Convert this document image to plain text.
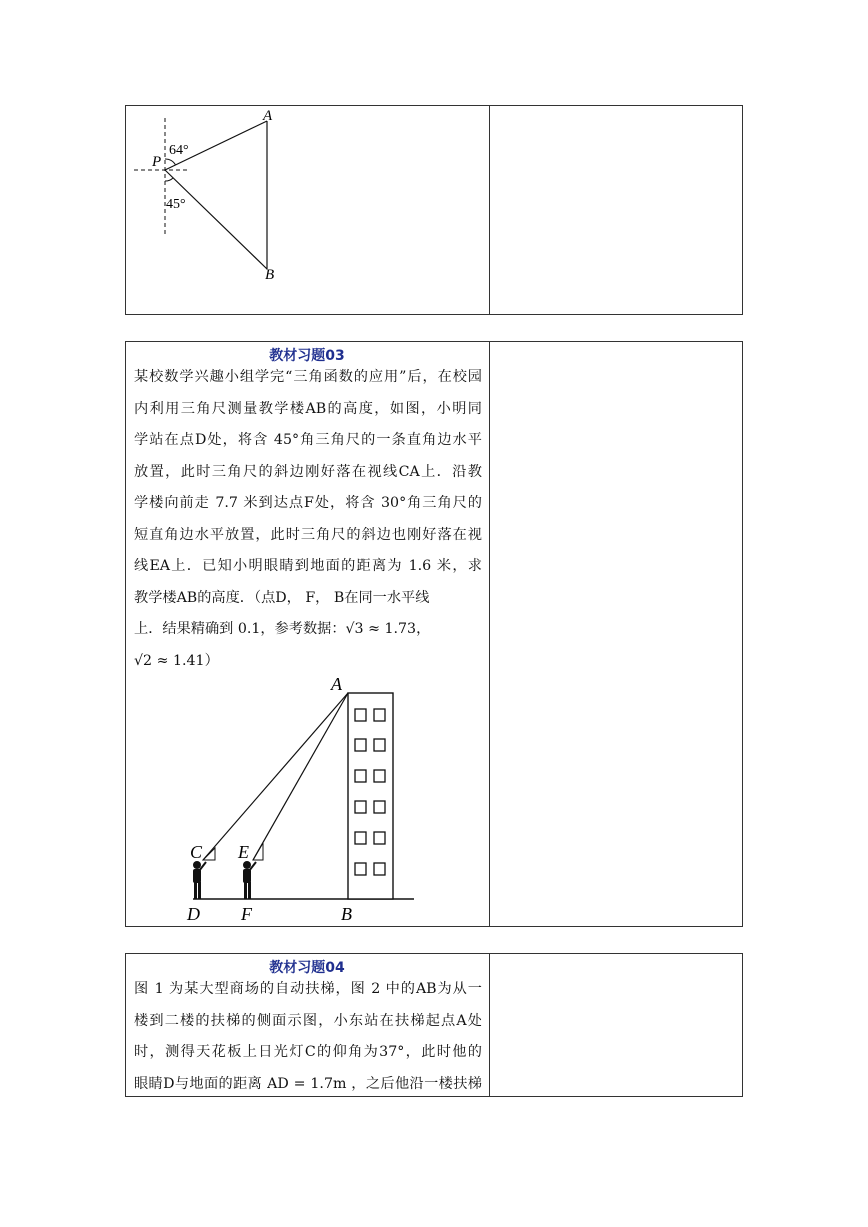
A
B
P
64°
45°
教材习题03
某校数学兴趣小组学完“三角函数的应用”后，在校园
内利用三角尺测量教学楼AB的高度，如图，小明同
学站在点D处，将含 45°角三角尺的一条直角边水平
放置，此时三角尺的斜边刚好落在视线CA上．沿教
学楼向前走 7.7 米到达点F处，将含 30°角三角尺的
短直角边水平放置，此时三角尺的斜边也刚好落在视
线EA上．已知小明眼睛到地面的距离为 1.6 米，求
教学楼AB的高度．（点D， F， B在同一水平线
上．结果精确到 0.1，参考数据：√3 ≈ 1.73，
√2 ≈ 1.41）
A
C E
D F	B
教材习题04
图 1 为某大型商场的自动扶梯，图 2 中的AB为从一
楼到二楼的扶梯的侧面示图，小东站在扶梯起点A处
时，测得天花板上日光灯C的仰角为37°，此时他的
眼睛D与地面的距离 AD = 1.7m ，之后他沿一楼扶梯
